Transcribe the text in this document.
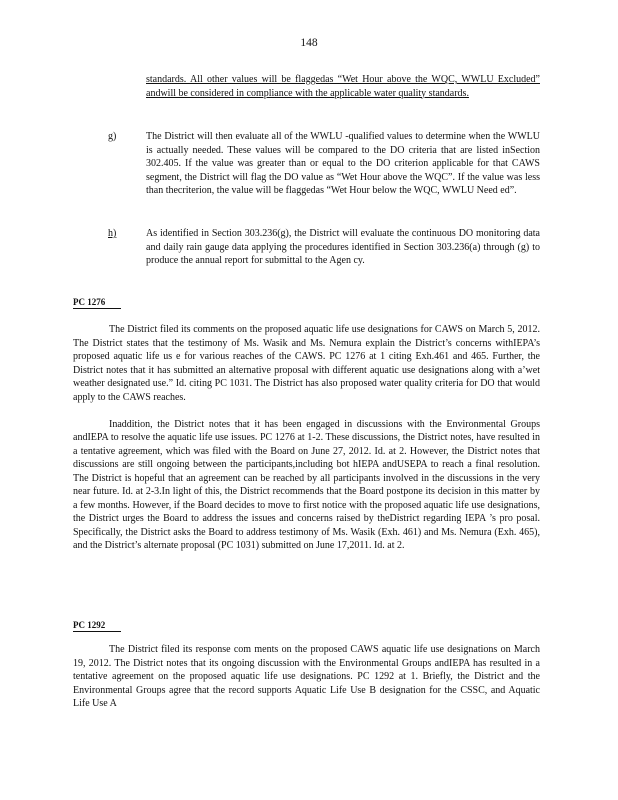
148
standards. All other values will be flaggedas “Wet Hour above the WQC, WWLU Excluded” andwill be considered in compliance with the applicable water quality standards.
g)	The District will then evaluate all of the WWLU -qualified values to determine when the WWLU is actually needed. These values will be compared to the DO criteria that are listed inSection 302.405. If the value was greater than or equal to the DO criterion applicable for that CAWS segment, the District will flag the DO value as “Wet Hour above the WQC”. If the value was less than thecriterion, the value will be flaggedas “Wet Hour below the WQC, WWLU Need ed”.
h)	As identified in Section 303.236(g), the District will evaluate the continuous DO monitoring data and daily rain gauge data applying the procedures identified in Section 303.236(a) through (g) to produce the annual report for submittal to the Agen cy.
PC 1276

The District filed its comments on the proposed aquatic life use designations for CAWS on March 5, 2012. The District states that the testimony of Ms. Wasik and Ms. Nemura explain the District’s concerns withIEPA’s proposed aquatic life us e for various reaches of the CAWS. PC 1276 at 1 citing Exh.461 and 465. Further, the District notes that it has submitted an alternative proposal with different aquatic use designations along with a’wet weather designated use.” Id. citing PC 1031. The District has also proposed water quality criteria for DO that would apply to the CAWS reaches.

Inaddition, the District notes that it has been engaged in discussions with the Environmental Groups andIEPA to resolve the aquatic life use issues. PC 1276 at 1-2. These discussions, the District notes, have resulted in a tentative agreement, which was filed with the Board on June 27, 2012. Id. at 2. However, the District notes that discussions are still ongoing between the participants,including bot hIEPA andUSEPA to reach a final resolution. The District is hopeful that an agreement can be reached by all participants involved in the discussions in the very near future. Id. at 2-3.In light of this, the District recommends that the Board postpone its decision in this matter by a few months. However, if the Board decides to move to first notice with the proposed aquatic life use designations, the District urges the Board to address the issues and concerns raised by theDistrict regarding IEPA ’s pro posal. Specifically, the District asks the Board to address testimony of Ms. Wasik (Exh. 461) and Ms. Nemura (Exh. 465), and the District’s alternate proposal (PC 1031) submitted on June 17,2011. Id. at 2.

PC 1292

The District filed its response com ments on the proposed CAWS aquatic life use designations on March 19, 2012. The District notes that its ongoing discussion with the Environmental Groups andIEPA has resulted in a tentative agreement on the proposed aquatic life use designations. PC 1292 at 1. Briefly, the District and the Environmental Groups agree that the record supports Aquatic Life Use B designation for the CSSC, and Aquatic Life Use A
